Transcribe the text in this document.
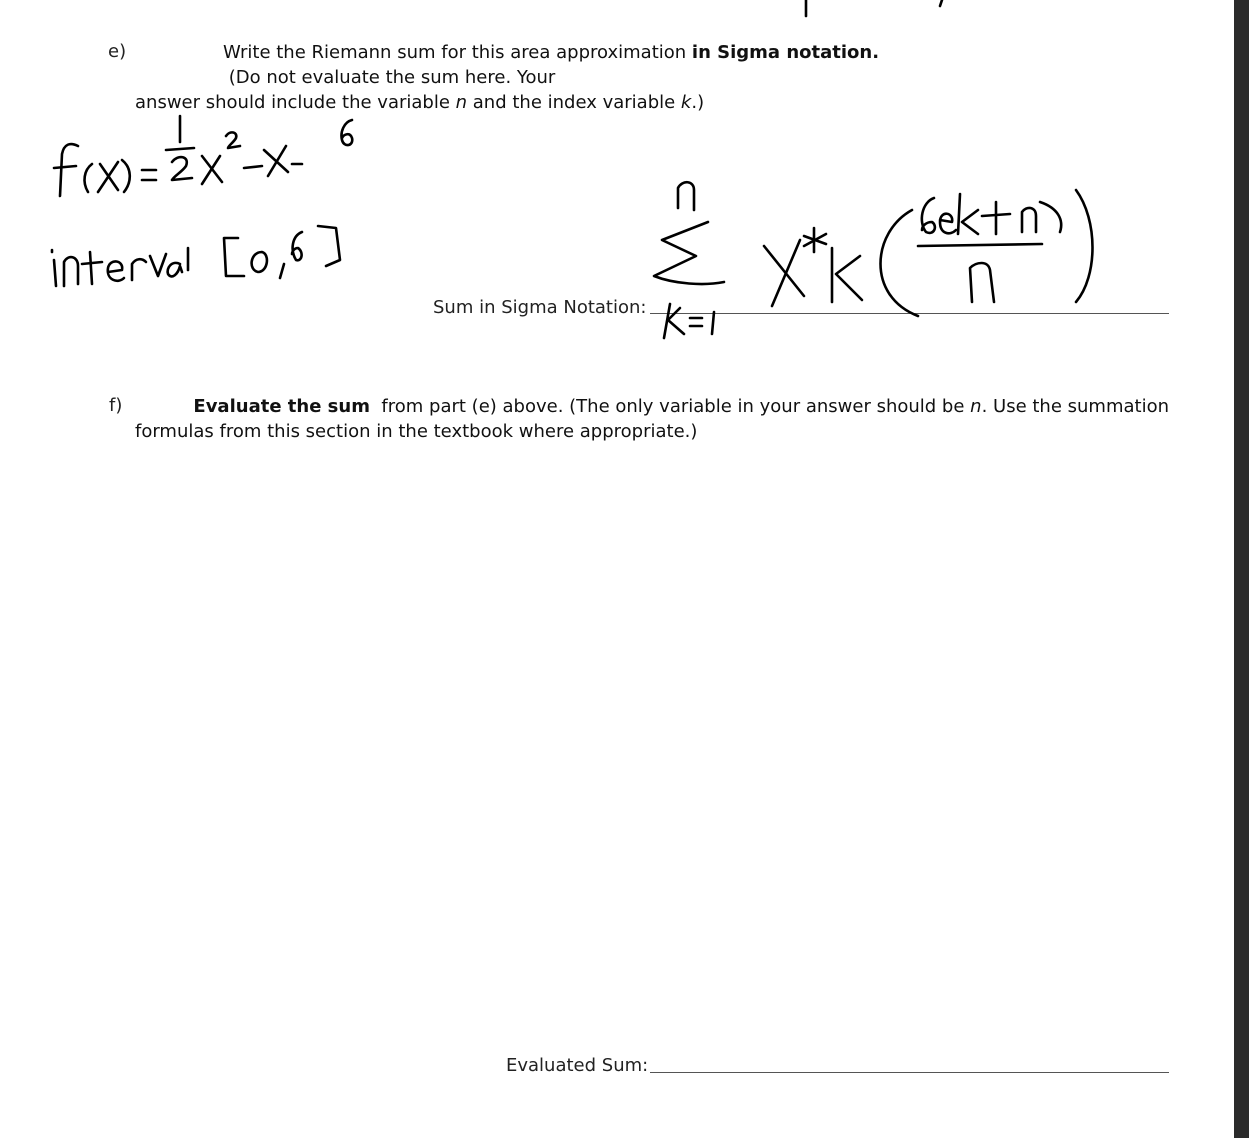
e)	Write the Riemann sum for this area approximation in Sigma notation. (Do not evaluate the sum here. Your
answer should include the variable n and the index variable k.)
Sum in Sigma Notation:
f)	Evaluate the sum  from part (e) above. (The only variable in your answer should be n. Use the summation
formulas from this section in the textbook where appropriate.)
Evaluated Sum:
